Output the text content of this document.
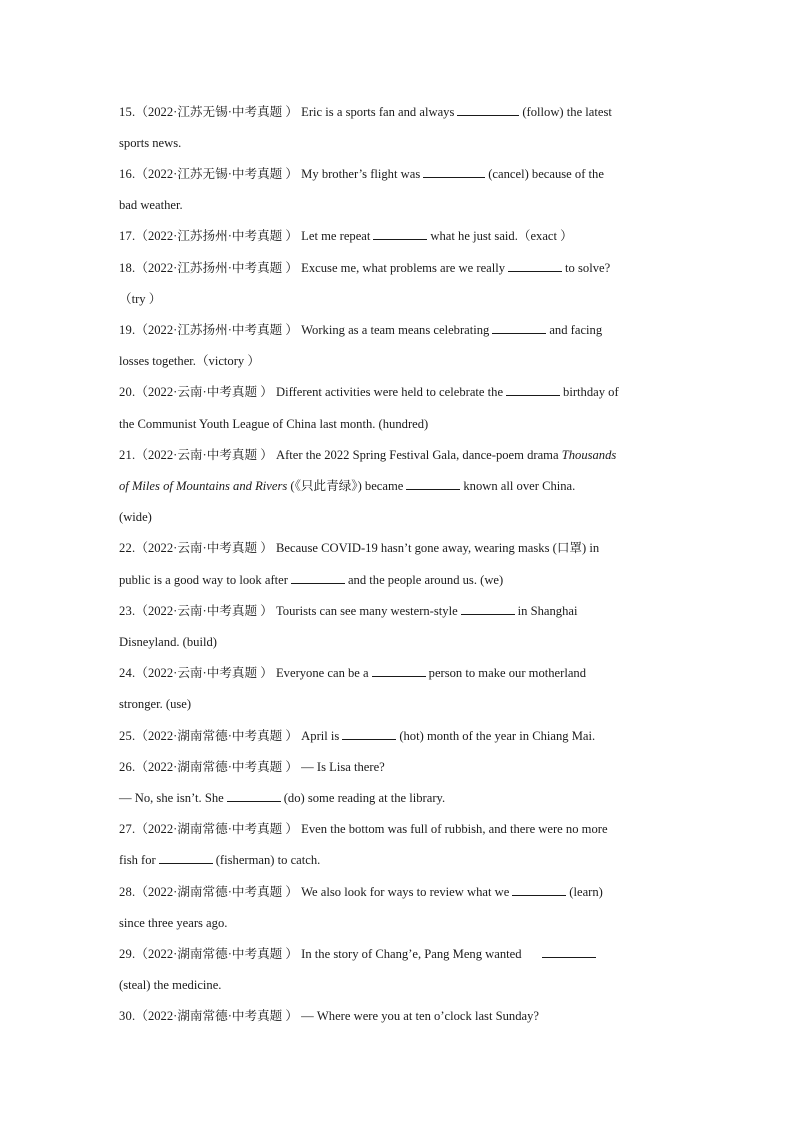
15.（2022·江苏无锡·中考真题 ） Eric is a sports fan and always	(follow) the latest
sports news.
16.（2022·江苏无锡·中考真题 ） My brother’s flight was	(cancel) because of the
bad weather.
17.（2022·江苏扬州·中考真题 ） Let me repeat	what he just said.（exact ）
18.（2022·江苏扬州·中考真题 ） Excuse me, what problems are we really	to solve?
（try ）
19.（2022·江苏扬州·中考真题 ） Working as a team means celebrating	and facing
losses together.（victory ）
20.（2022·云南·中考真题 ） Different activities were held to celebrate the	birthday of
the Communist Youth League of China last month. (hundred)
21.（2022·云南·中考真题 ） After the 2022 Spring Festival Gala, dance-poem drama Thousands
of Miles of Mountains and Rivers (《只此青绿》) became	known all over China.
(wide)
22.（2022·云南·中考真题 ） Because COVID-19 hasn’t gone away, wearing masks (口罩) in
public is a good way to look after	and the people around us. (we)
23.（2022·云南·中考真题 ） Tourists can see many western-style	in Shanghai
Disneyland. (build)
24.（2022·云南·中考真题 ） Everyone can be a	person to make our motherland
stronger. (use)
25.（2022·湖南常德·中考真题 ） April is	(hot) month of the year in Chiang Mai.
26.（2022·湖南常德·中考真题 ） — Is Lisa there?
— No, she isn’t. She	(do) some reading at the library.
27.（2022·湖南常德·中考真题 ） Even the bottom was full of rubbish, and there were no more
fish for	(fisherman) to catch.
28.（2022·湖南常德·中考真题 ） We also look for ways to review what we	(learn)
since three years ago.
29.（2022·湖南常德·中考真题 ） In the story of Chang’e, Pang Meng wanted
(steal) the medicine.
30.（2022·湖南常德·中考真题 ） — Where were you at ten o’clock last Sunday?
